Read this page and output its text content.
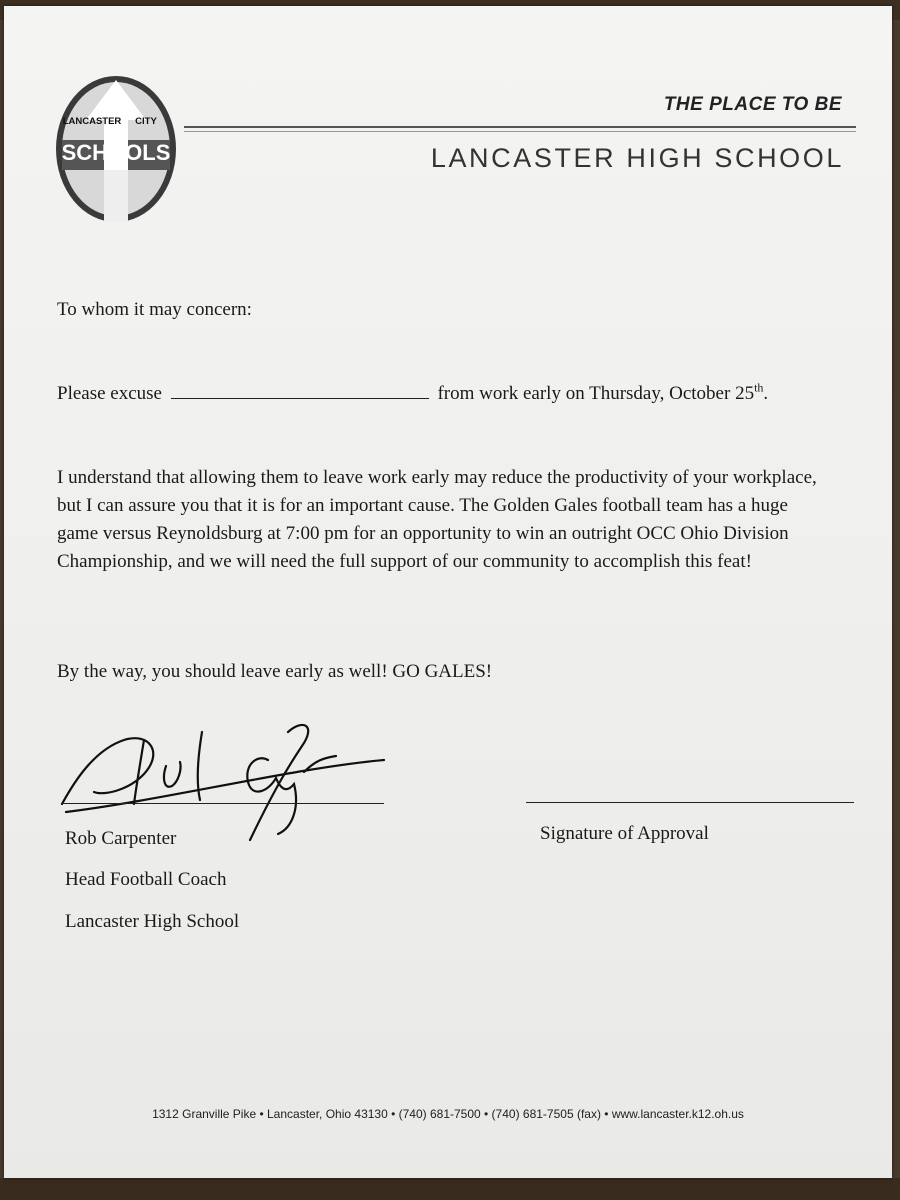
LANCASTER CITY
SCHOOLS
THE PLACE TO BE
LANCASTER HIGH SCHOOL
To whom it may concern:
Please excuse	from work early on Thursday, October 25th.
I understand that allowing them to leave work early may reduce the productivity of your workplace, but I can assure you that it is for an important cause. The Golden Gales football team has a huge game versus Reynoldsburg at 7:00 pm for an opportunity to win an outright OCC Ohio Division Championship, and we will need the full support of our community to accomplish this feat!
By the way, you should leave early as well! GO GALES!
Rob Carpenter
Head Football Coach
Lancaster High School
Signature of Approval
1312 Granville Pike • Lancaster, Ohio 43130 • (740) 681-7500 • (740) 681-7505 (fax) • www.lancaster.k12.oh.us
